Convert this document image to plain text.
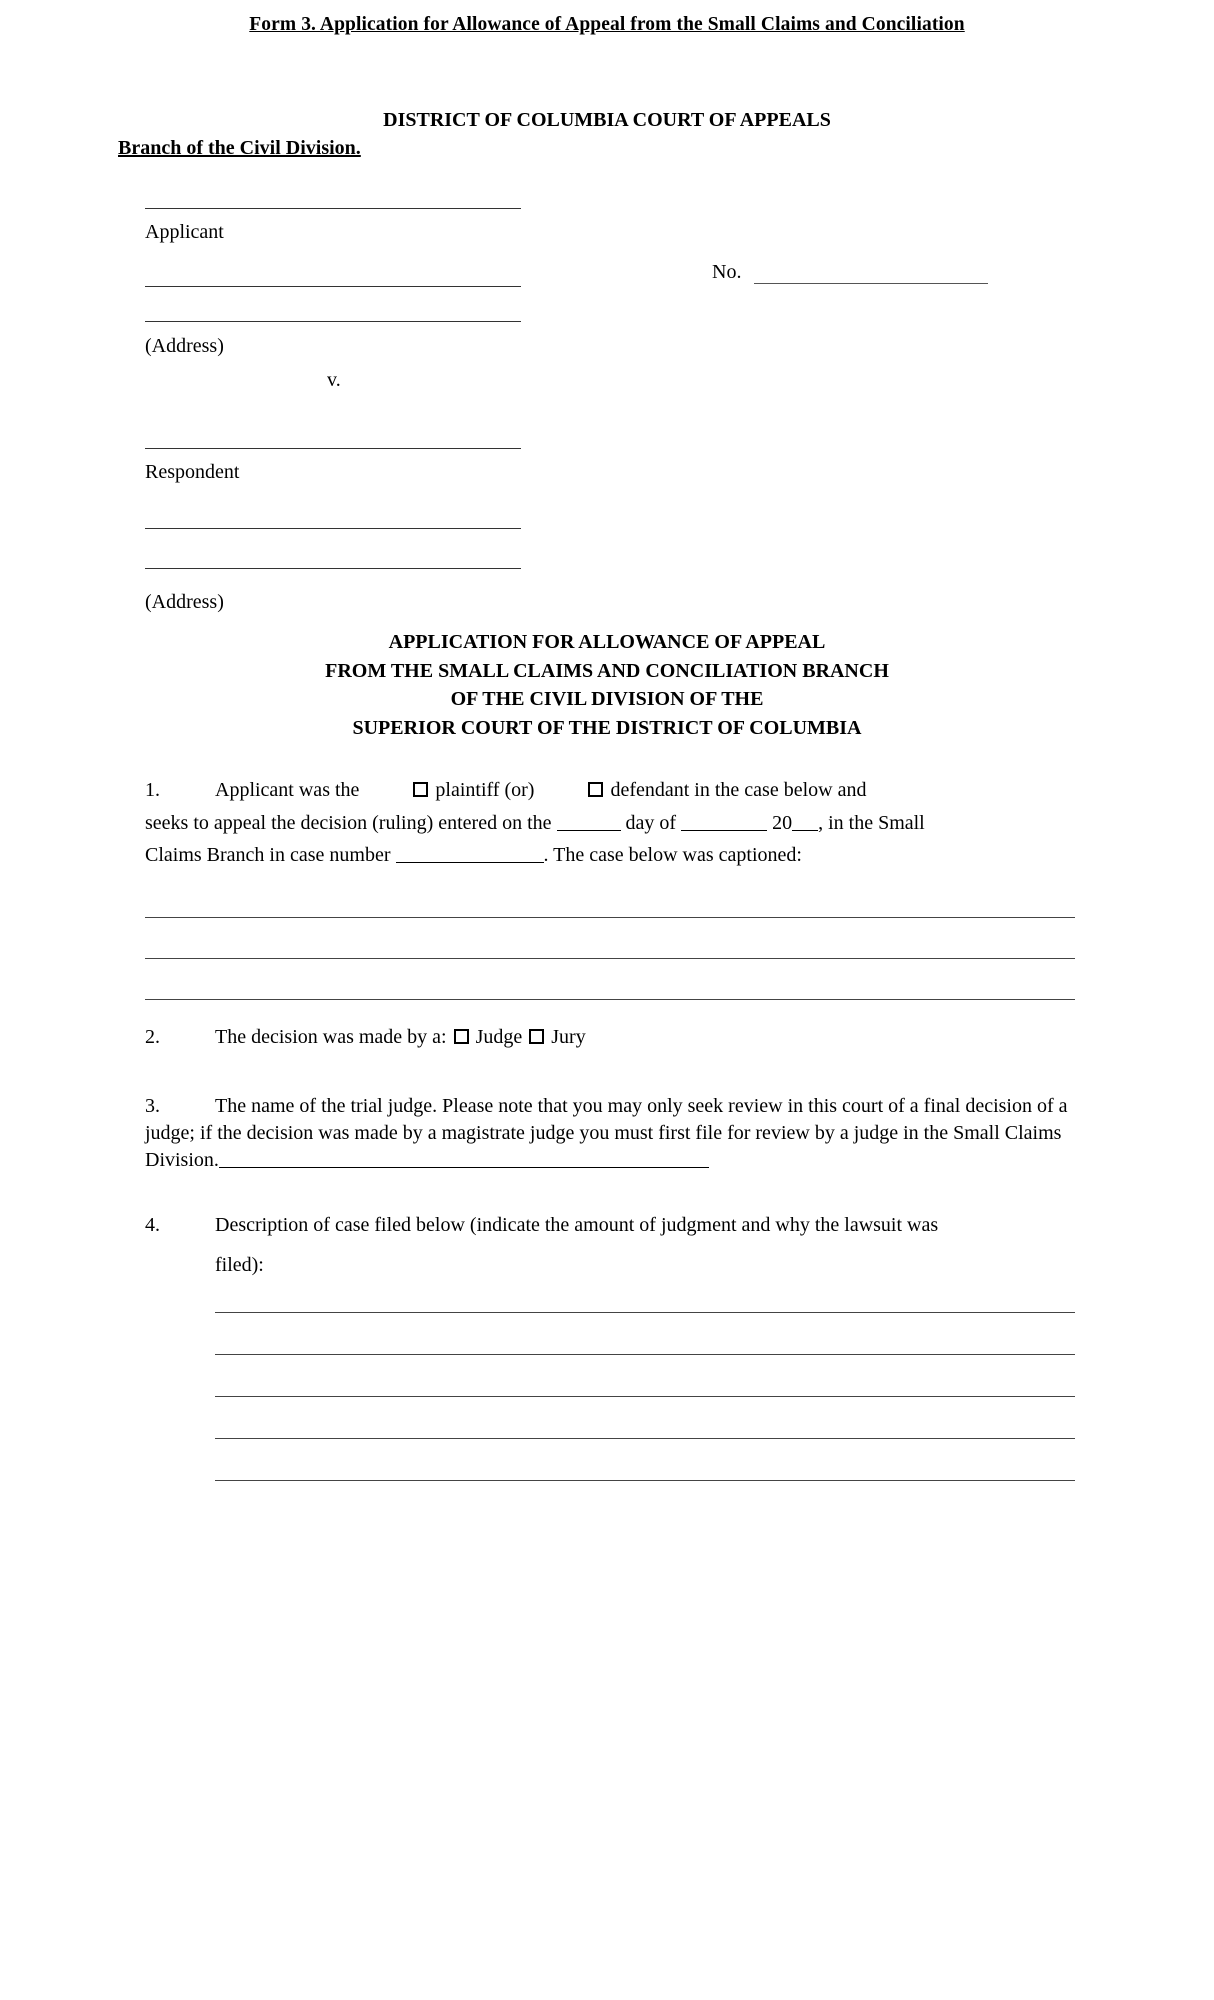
Form 3. Application for Allowance of Appeal from the Small Claims and Conciliation
DISTRICT OF COLUMBIA COURT OF APPEALS
Branch of the Civil Division.
Applicant
(Address)
No.
v.
Respondent
(Address)
APPLICATION FOR ALLOWANCE OF APPEAL
FROM THE SMALL CLAIMS AND CONCILIATION BRANCH
OF THE CIVIL DIVISION OF THE
SUPERIOR COURT OF THE DISTRICT OF COLUMBIA
1.	Applicant was the	plaintiff (or)	defendant in the case below and
seeks to appeal the decision (ruling) entered on the	day of	20 , in the Small
Claims Branch in case number	. The case below was captioned:
2.	The decision was made by a: Judge Jury
3.	The name of the trial judge. Please note that you may only seek review in this court of a final decision of a judge; if the decision was made by a magistrate judge you must first file for review by a judge in the Small Claims Division.
4.	Description of case filed below (indicate the amount of judgment and why the lawsuit was
filed):
